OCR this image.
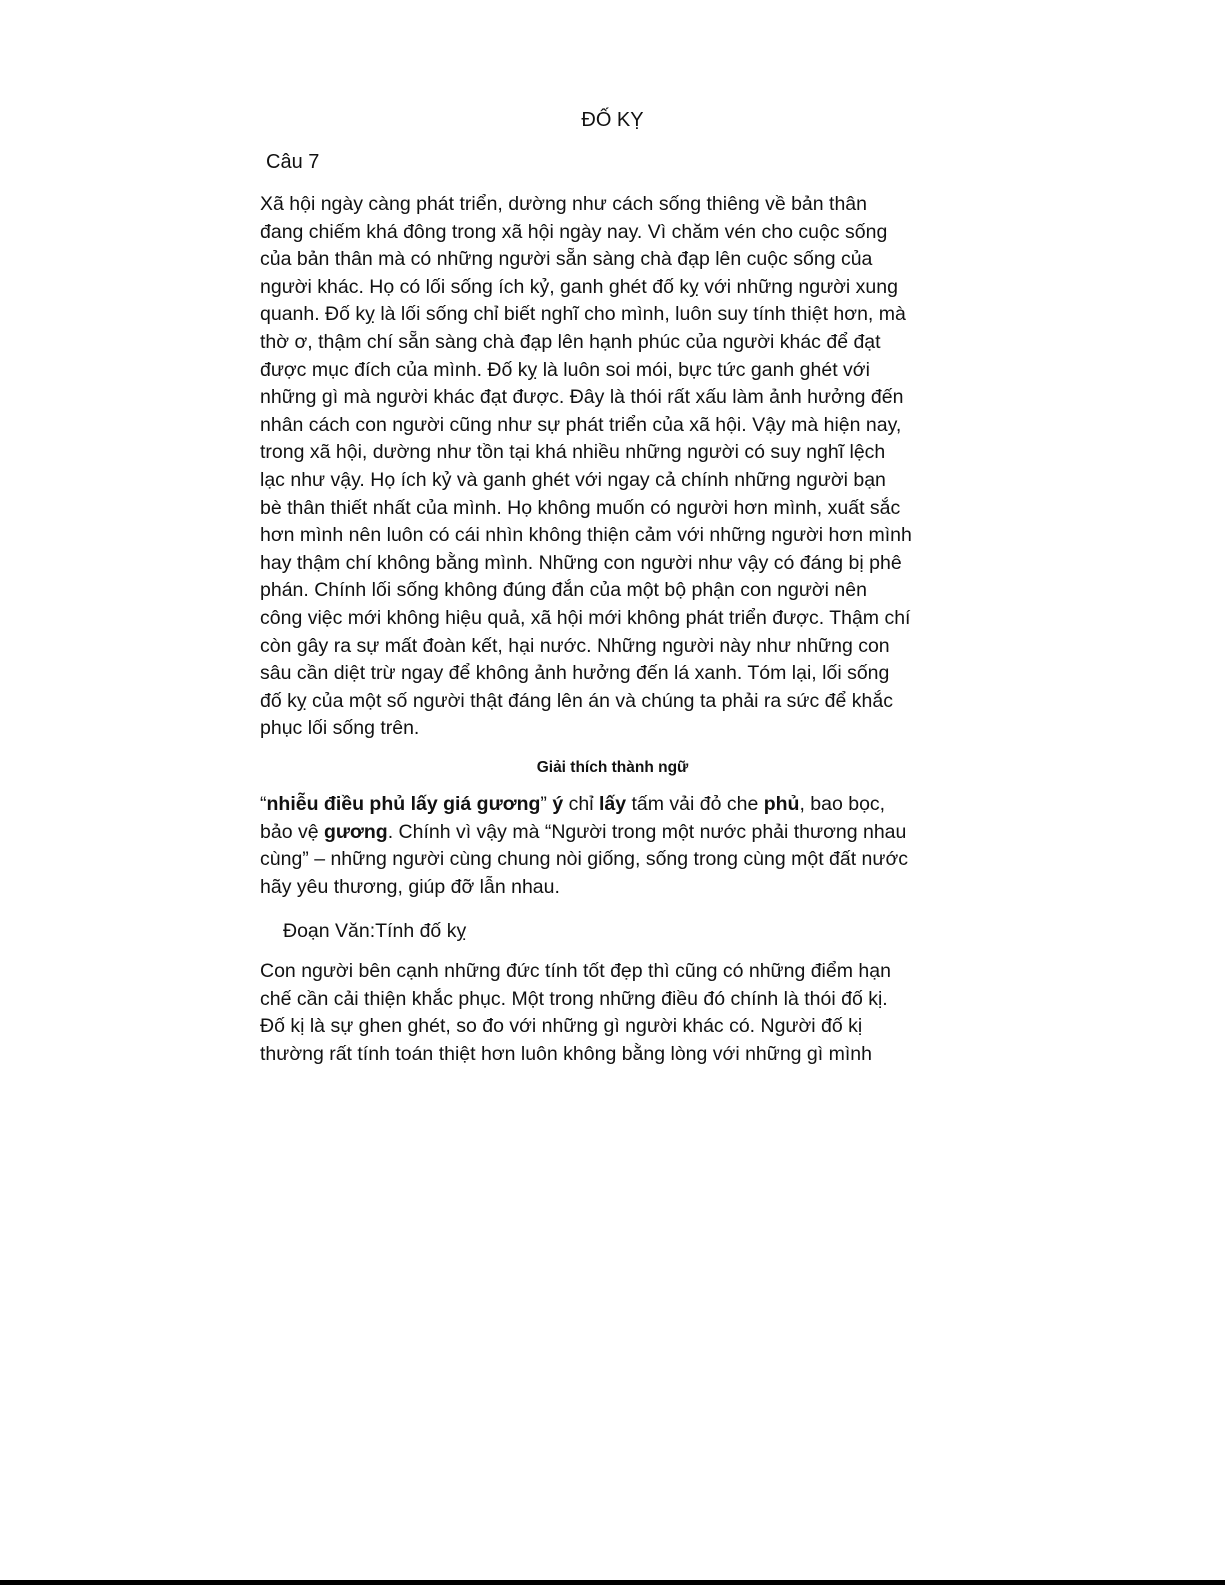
ĐỐ KỴ
Câu 7
Xã hội ngày càng phát triển, dường như cách sống thiêng về bản thân
đang chiếm khá đông trong xã hội ngày nay. Vì chăm vén cho cuộc sống
của bản thân mà có những người sẵn sàng chà đạp lên cuộc sống của
người khác. Họ có lối sống ích kỷ, ganh ghét đố kỵ với những người xung
quanh. Đố kỵ là lối sống chỉ biết nghĩ cho mình, luôn suy tính thiệt hơn, mà
thờ ơ, thậm chí sẵn sàng chà đạp lên hạnh phúc của người khác để đạt
được mục đích của mình. Đố kỵ là luôn soi mói, bực tức ganh ghét với
những gì mà người khác đạt được. Đây là thói rất xấu làm ảnh hưởng đến
nhân cách con người cũng như sự phát triển của xã hội. Vậy mà hiện nay,
trong xã hội, dường như tồn tại khá nhiều những người có suy nghĩ lệch
lạc như vậy. Họ ích kỷ và ganh ghét với ngay cả chính những người bạn
bè thân thiết nhất của mình. Họ không muốn có người hơn mình, xuất sắc
hơn mình nên luôn có cái nhìn không thiện cảm với những người hơn mình
hay thậm chí không bằng mình. Những con người như vậy có đáng bị phê
phán. Chính lối sống không đúng đắn của một bộ phận con người nên
công việc mới không hiệu quả, xã hội mới không phát triển được. Thậm chí
còn gây ra sự mất đoàn kết, hại nước. Những người này như những con
sâu cần diệt trừ ngay để không ảnh hưởng đến lá xanh. Tóm lại, lối sống
đố kỵ của một số người thật đáng lên án và chúng ta phải ra sức để khắc
phục lối sống trên.
Giải thích thành ngữ
“nhiễu điều phủ lấy giá gương” ý chỉ lấy tấm vải đỏ che phủ, bao bọc,
bảo vệ gương. Chính vì vậy mà “Người trong một nước phải thương nhau
cùng” – những người cùng chung nòi giống, sống trong cùng một đất nước
hãy yêu thương, giúp đỡ lẫn nhau.
Đoạn Văn:Tính đố kỵ
Con người bên cạnh những đức tính tốt đẹp thì cũng có những điểm hạn
chế cần cải thiện khắc phục. Một trong những điều đó chính là thói đố kị.
Đố kị là sự ghen ghét, so đo với những gì người khác có. Người đố kị
thường rất tính toán thiệt hơn luôn không bằng lòng với những gì mình
